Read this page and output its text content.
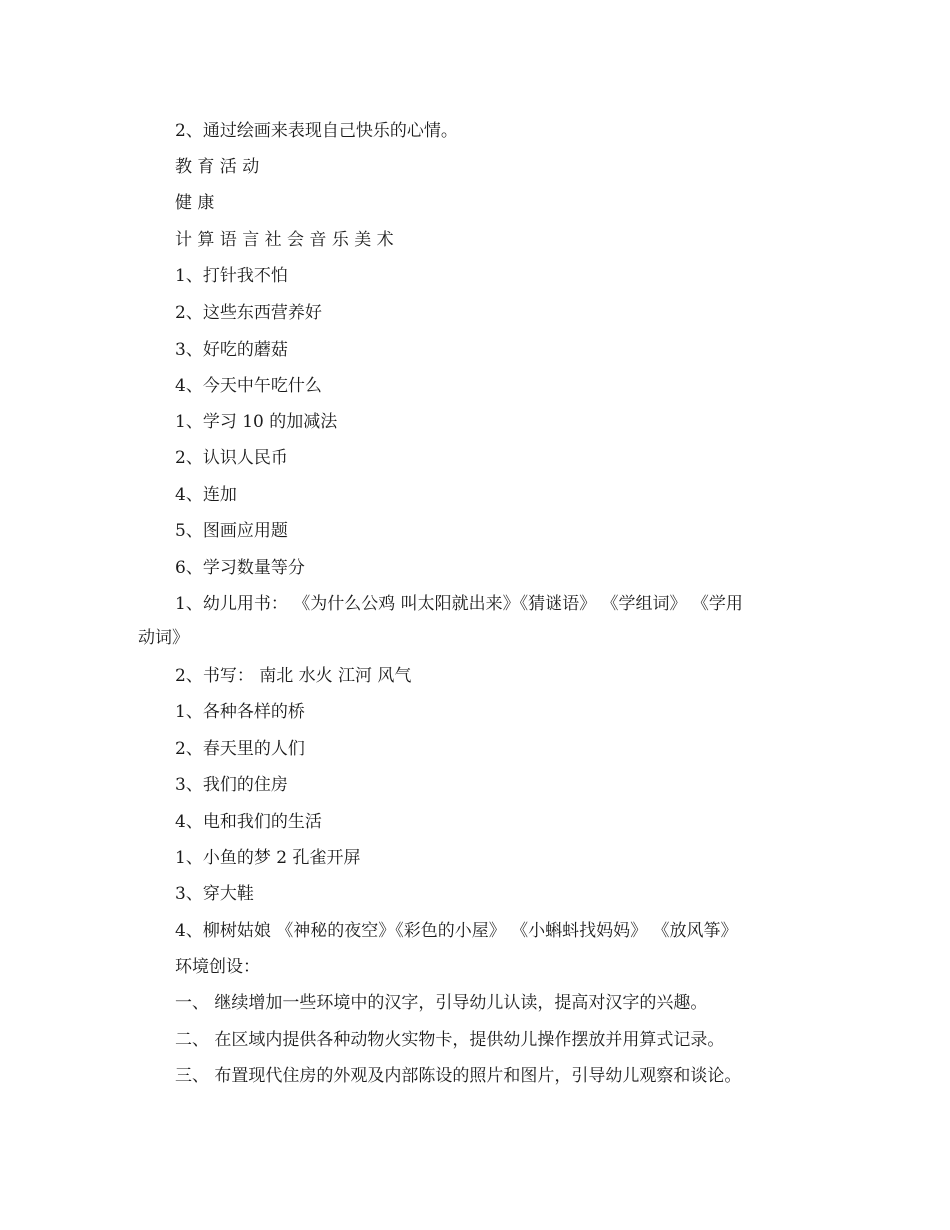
2、通过绘画来表现自己快乐的心情。
教 育 活 动
健 康
计 算 语 言 社 会 音 乐 美 术
1、打针我不怕
2、这些东西营养好
3、好吃的蘑菇
4、今天中午吃什么
1、学习 10 的加减法
2、认识人民币
4、连加
5、图画应用题
6、学习数量等分
1、幼儿用书： 《为什么公鸡 叫太阳就出来》《猜谜语》 《学组词》 《学用
动词》
2、书写： 南北 水火 江河 风气
1、各种各样的桥
2、春天里的人们
3、我们的住房
4、电和我们的生活
1、小鱼的梦 2 孔雀开屏
3、穿大鞋
4、柳树姑娘 《神秘的夜空》《彩色的小屋》 《小蝌蚪找妈妈》 《放风筝》
环境创设：
一、 继续增加一些环境中的汉字，引导幼儿认读，提高对汉字的兴趣。
二、 在区域内提供各种动物火实物卡，提供幼儿操作摆放并用算式记录。
三、 布置现代住房的外观及内部陈设的照片和图片，引导幼儿观察和谈论。
